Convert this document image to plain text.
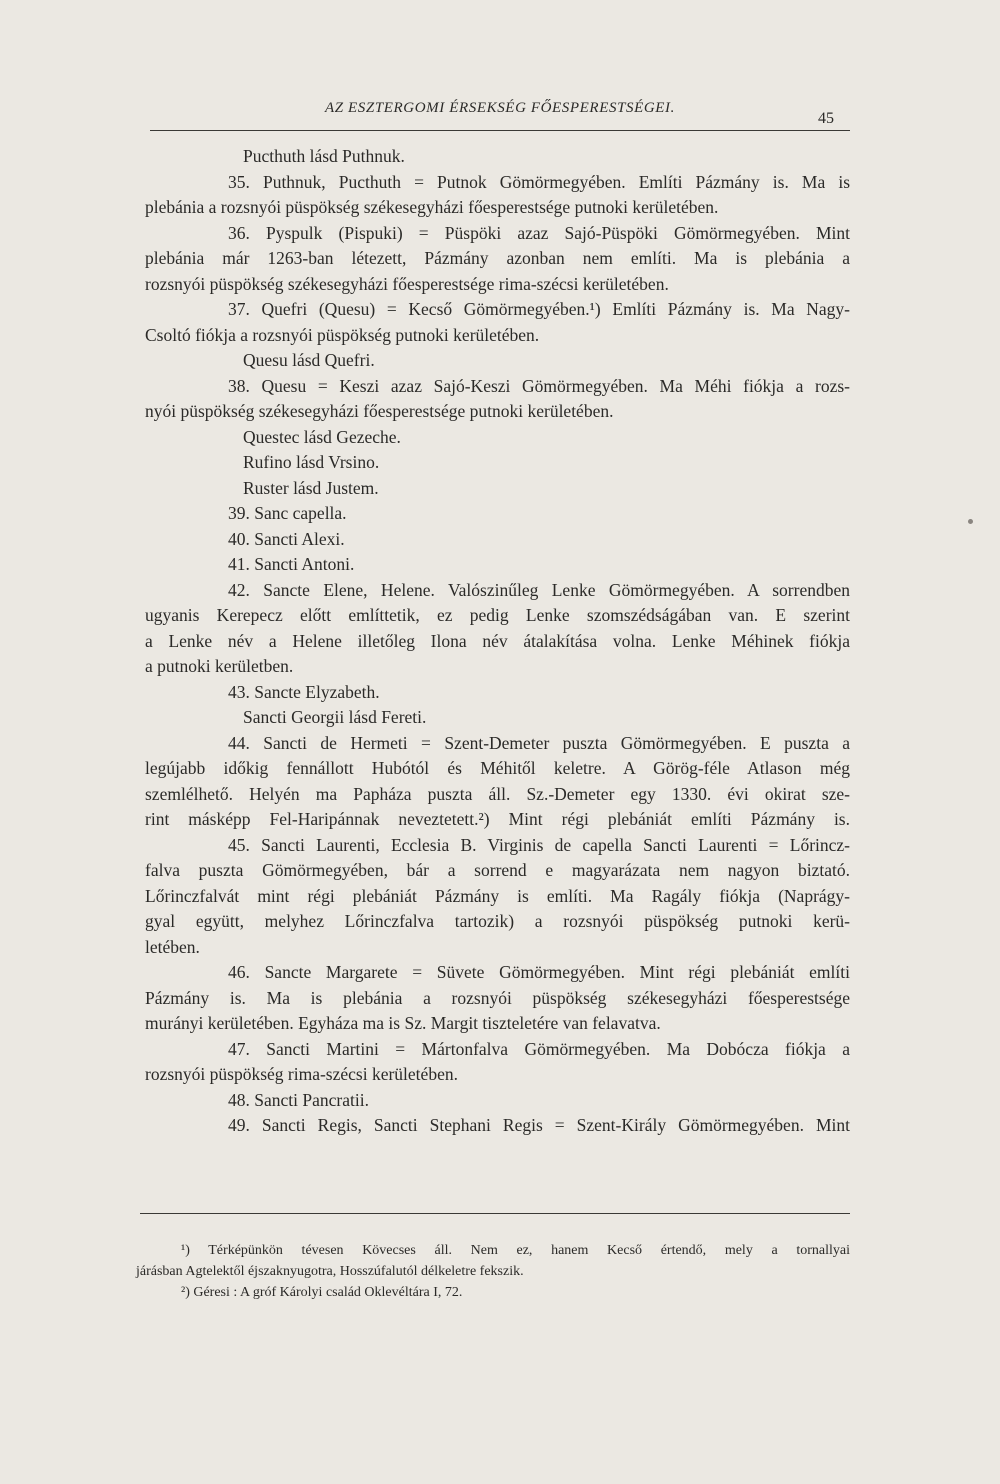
AZ ESZTERGOMI ÉRSEKSÉG FŐESPERESTSÉGEI.
45
Pucthuth lásd Puthnuk.
35. Puthnuk, Pucthuth = Putnok Gömörmegyében. Említi Pázmány is. Ma is
plebánia a rozsnyói püspökség székesegyházi főesperestsége putnoki kerületében.
36. Pyspulk (Pispuki) = Püspöki azaz Sajó-Püspöki Gömörmegyében. Mint
plebánia már 1263-ban létezett, Pázmány azonban nem említi. Ma is plebánia a
rozsnyói püspökség székesegyházi főesperestsége rima-szécsi kerületében.
37. Quefri (Quesu) = Kecső Gömörmegyében.¹) Említi Pázmány is. Ma Nagy-
Csoltó fiókja a rozsnyói püspökség putnoki kerületében.
Quesu lásd Quefri.
38. Quesu = Keszi azaz Sajó-Keszi Gömörmegyében. Ma Méhi fiókja a rozs-
nyói püspökség székesegyházi főesperestsége putnoki kerületében.
Questec lásd Gezeche.
Rufino lásd Vrsino.
Ruster lásd Justem.
39. Sanc capella.
40. Sancti Alexi.
41. Sancti Antoni.
42. Sancte Elene, Helene. Valószinűleg Lenke Gömörmegyében. A sorrendben
ugyanis Kerepecz előtt említtetik, ez pedig Lenke szomszédságában van. E szerint
a Lenke név a Helene illetőleg Ilona név átalakítása volna. Lenke Méhinek fiókja
a putnoki kerületben.
43. Sancte Elyzabeth.
Sancti Georgii lásd Fereti.
44. Sancti de Hermeti = Szent-Demeter puszta Gömörmegyében. E puszta a
legújabb időkig fennállott Hubótól és Méhitől keletre. A Görög-féle Atlason még
szemlélhető. Helyén ma Papháza puszta áll. Sz.-Demeter egy 1330. évi okirat sze-
rint másképp Fel-Haripánnak neveztetett.²) Mint régi plebániát említi Pázmány is.
45. Sancti Laurenti, Ecclesia B. Virginis de capella Sancti Laurenti = Lőrincz-
falva puszta Gömörmegyében, bár a sorrend e magyarázata nem nagyon biztató.
Lőrinczfalvát mint régi plebániát Pázmány is említi. Ma Ragály fiókja (Naprágy-
gyal együtt, melyhez Lőrinczfalva tartozik) a rozsnyói püspökség putnoki kerü-
letében.
46. Sancte Margarete = Süvete Gömörmegyében. Mint régi plebániát említi
Pázmány is. Ma is plebánia a rozsnyói püspökség székesegyházi főesperestsége
murányi kerületében. Egyháza ma is Sz. Margit tiszteletére van felavatva.
47. Sancti Martini = Mártonfalva Gömörmegyében. Ma Dobócza fiókja a
rozsnyói püspökség rima-szécsi kerületében.
48. Sancti Pancratii.
49. Sancti Regis, Sancti Stephani Regis = Szent-Király Gömörmegyében. Mint
¹) Térképünkön tévesen Kövecses áll. Nem ez, hanem Kecső értendő, mely a tornallyai
járásban Agtelektől éjszaknyugotra, Hosszúfalutól délkeletre fekszik.
²) Géresi : A gróf Károlyi család Oklevéltára I, 72.
